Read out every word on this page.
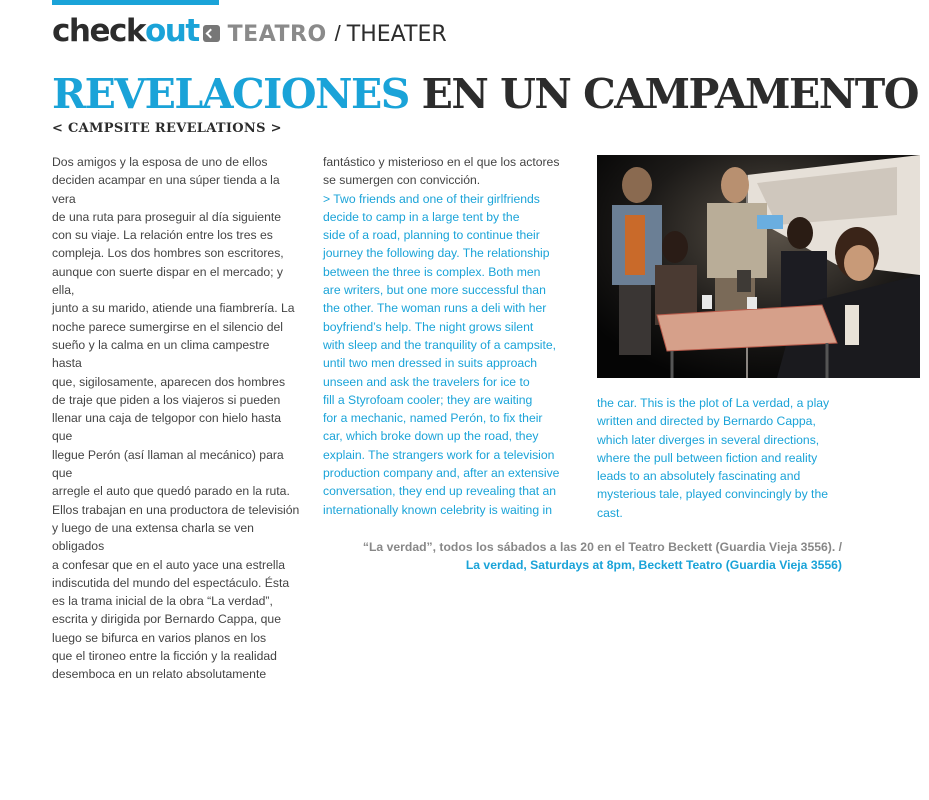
check out TEATRO / THEATER
REVELACIONES EN UN CAMPAMENTO
< CAMPSITE REVELATIONS >

Dos amigos y la esposa de uno de ellos

deciden acampar en una súper tienda a la vera

de una ruta para proseguir al día siguiente

con su viaje. La relación entre los tres es

compleja. Los dos hombres son escritores,

aunque con suerte dispar en el mercado; y ella,

junto a su marido, atiende una fiambrería. La

noche parece sumergirse en el silencio del

sueño y la calma en un clima campestre hasta

que, sigilosamente, aparecen dos hombres

de traje que piden a los viajeros si pueden

llenar una caja de telgopor con hielo hasta que

llegue Perón (así llaman al mecánico) para que

arregle el auto que quedó parado en la ruta.

Ellos trabajan en una productora de televisión

y luego de una extensa charla se ven obligados

a confesar que en el auto yace una estrella

indiscutida del mundo del espectáculo. Ésta

es la trama inicial de la obra “La verdad”,

escrita y dirigida por Bernardo Cappa, que

luego se bifurca en varios planos en los

que el tironeo entre la ficción y la realidad

desemboca en un relato absolutamente

fantástico y misterioso en el que los actores

se sumergen con convicción.

> Two friends and one of their girlfriends

decide to camp in a large tent by the

side of a road, planning to continue their

journey the following day. The relationship

between the three is complex. Both men

are writers, but one more successful than

the other. The woman runs a deli with her

boyfriend’s help. The night grows silent

with sleep and the tranquility of a campsite,

until two men dressed in suits approach

unseen and ask the travelers for ice to

fill a Styrofoam cooler; they are waiting

for a mechanic, named Perón, to fix their

car, which broke down up the road, they

explain. The strangers work for a television

production company and, after an extensive

conversation, they end up revealing that an

internationally known celebrity is waiting in

the car. This is the plot of La verdad, a play

written and directed by Bernardo Cappa,

which later diverges in several directions,

where the pull between fiction and reality

leads to an absolutely fascinating and

mysterious tale, played convincingly by the

cast.

“La verdad”, todos los sábados a las 20 en el Teatro Beckett (Guardia Vieja 3556). /
La verdad, Saturdays at 8pm, Beckett Teatro (Guardia Vieja 3556)
